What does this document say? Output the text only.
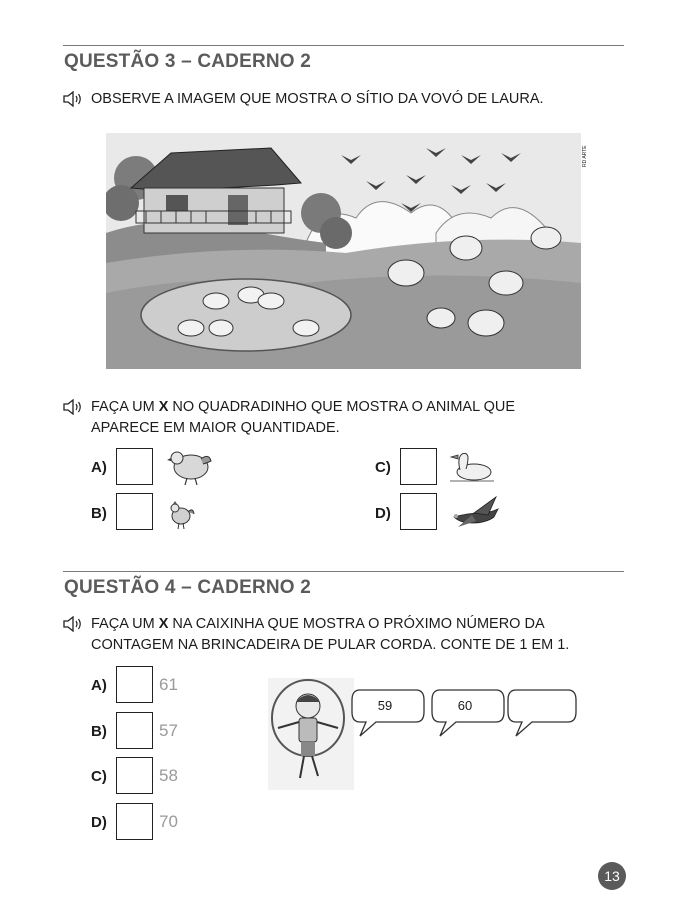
QUESTÃO 3 – CADERNO 2
OBSERVE A IMAGEM QUE MOSTRA O SÍTIO DA VOVÓ DE LAURA.
RD ARTE
FAÇA UM X NO QUADRADINHO QUE MOSTRA O ANIMAL QUE APARECE EM MAIOR QUANTIDADE.
A)
B)
C)
D)
QUESTÃO 4 – CADERNO 2
FAÇA UM X NA CAIXINHA QUE MOSTRA O PRÓXIMO NÚMERO DA CONTAGEM NA BRINCADEIRA DE PULAR CORDA. CONTE DE 1 EM 1.
A)	61
B)	57
C)	58
D)	70
59	60
13
